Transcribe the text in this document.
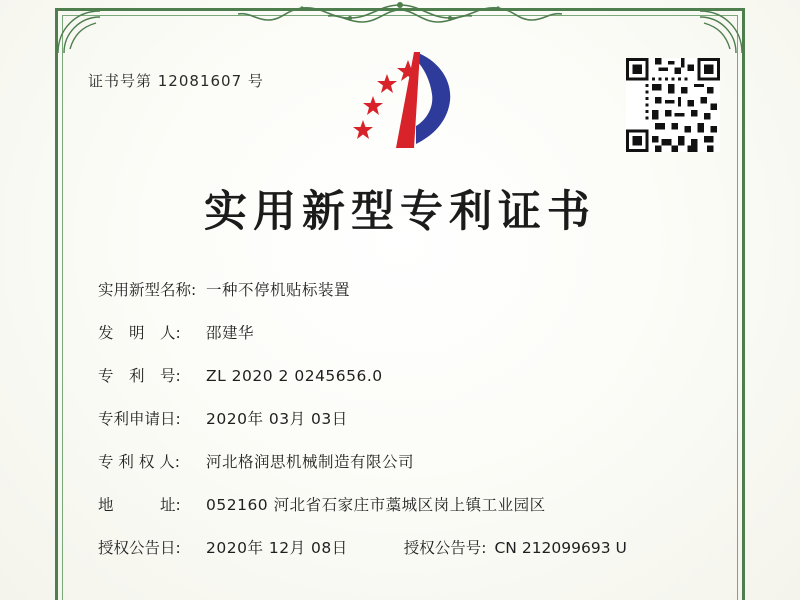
证书号第 12081607 号
实用新型专利证书
实用新型名称: 一种不停机贴标装置
发　明　人:	邵建华
专　利　号:	ZL 2020 2 0245656.0
专利申请日:	2020年 03月 03日
专 利 权 人:	河北格润思机械制造有限公司
地　　　址:	052160 河北省石家庄市藁城区岗上镇工业园区
授权公告日:	2020年 12月 08日	授权公告号: CN 212099693 U
